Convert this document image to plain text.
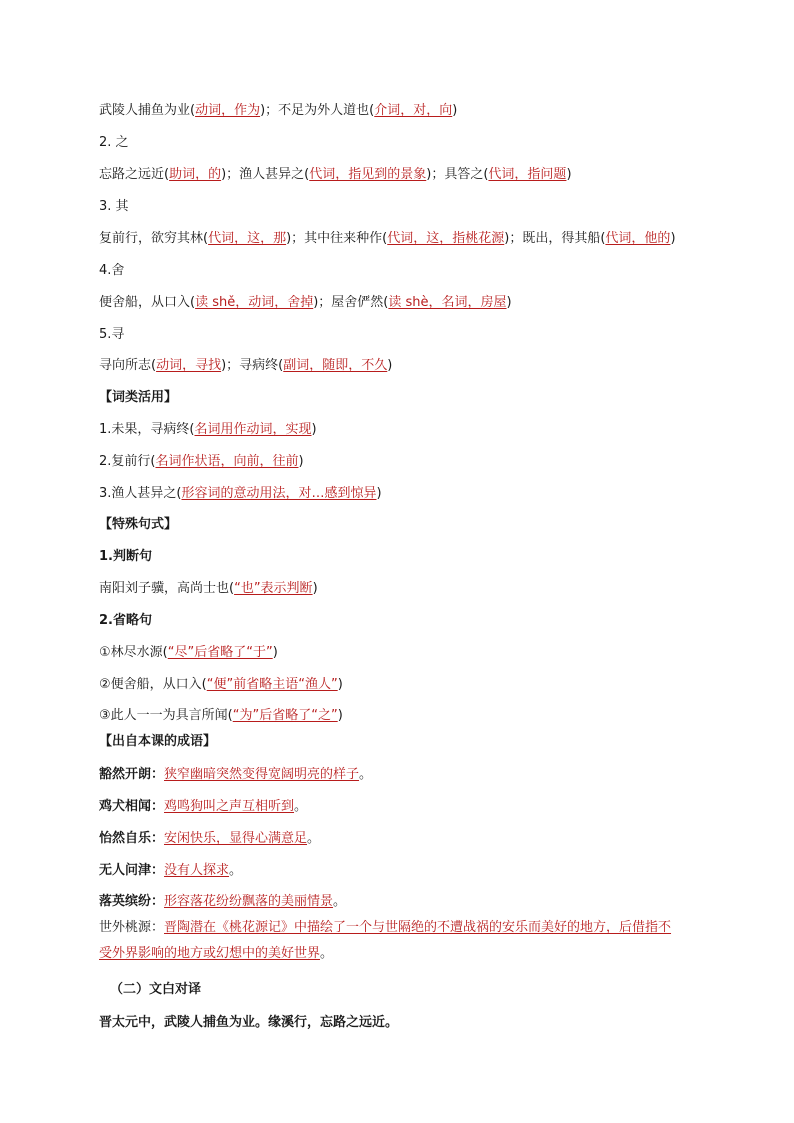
武陵人捕鱼为业(动词，作为)；不足为外人道也(介词，对，向)
2. 之
忘路之远近(助词，的)；渔人甚异之(代词，指见到的景象)；具答之(代词，指问题)
3. 其
复前行，欲穷其林(代词，这，那)；其中往来种作(代词，这，指桃花源)；既出，得其船(代词，他的)
4.舍
便舍船，从口入(读 shě，动词，舍掉)；屋舍俨然(读 shè，名词，房屋)
5.寻
寻向所志(动词，寻找)；寻病终(副词，随即，不久)
【词类活用】
1.未果，寻病终(名词用作动词，实现)
2.复前行(名词作状语，向前，往前)
3.渔人甚异之(形容词的意动用法，对…感到惊异)
【特殊句式】
1.判断句
南阳刘子骥，高尚士也(“也”表示判断)
2.省略句
①林尽水源(“尽”后省略了“于”)
②便舍船，从口入(“便”前省略主语“渔人”)
③此人一一为具言所闻(“为”后省略了“之”)
【出自本课的成语】
豁然开朗：狭窄幽暗突然变得宽阔明亮的样子。
鸡犬相闻：鸡鸣狗叫之声互相听到。
怡然自乐：安闲快乐，显得心满意足。
无人问津：没有人探求。
落英缤纷：形容落花纷纷飘落的美丽情景。
世外桃源：晋陶潜在《桃花源记》中描绘了一个与世隔绝的不遭战祸的安乐而美好的地方，后借指不
受外界影响的地方或幻想中的美好世界。
（二）文白对译
晋太元中，武陵人捕鱼为业。缘溪行，忘路之远近。
